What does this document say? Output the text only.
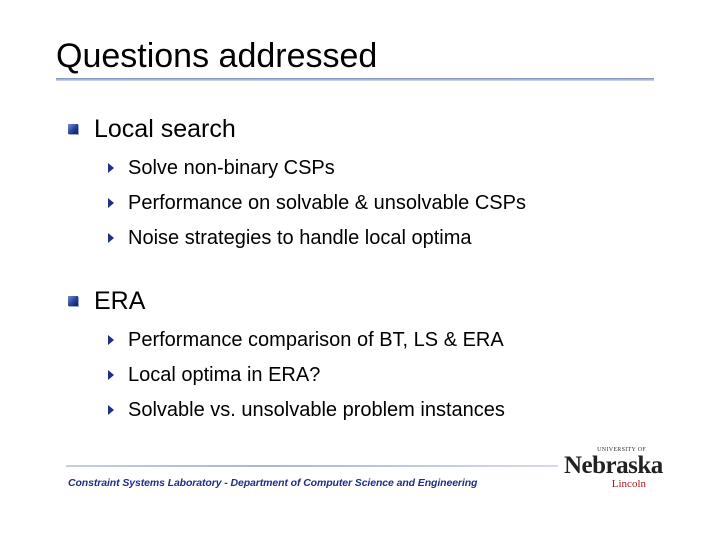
Questions addressed
Local search
Solve non-binary CSPs
Performance on solvable & unsolvable CSPs
Noise strategies to handle local optima
ERA
Performance comparison of BT, LS & ERA
Local optima in ERA?
Solvable vs. unsolvable problem instances
Constraint Systems Laboratory - Department of Computer Science and Engineering
UNIVERSITY OF
Nebraska
Lincoln
